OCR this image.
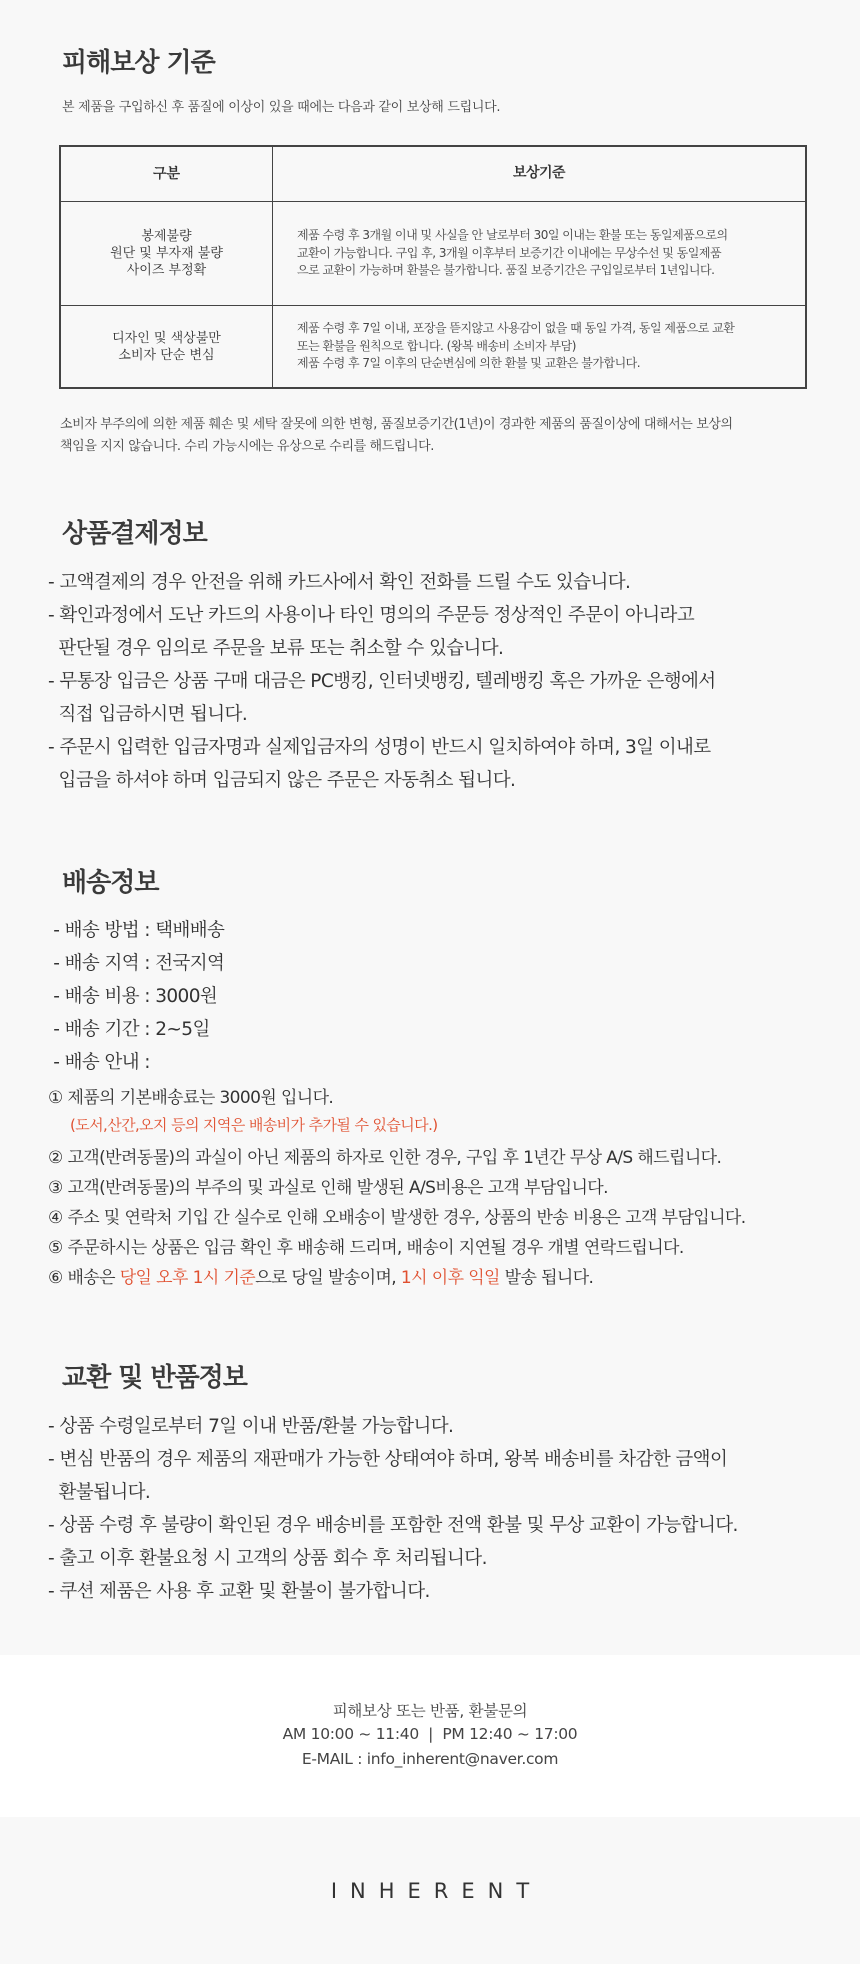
피해보상 기준
본 제품을 구입하신 후 품질에 이상이 있을 때에는 다음과 같이 보상해 드립니다.
구분	보상기준
봉제불량
원단 및 부자재 불량
사이즈 부정확
제품 수령 후 3개월 이내 및 사실을 안 날로부터 30일 이내는 환불 또는 동일제품으로의
교환이 가능합니다. 구입 후, 3개월 이후부터 보증기간 이내에는 무상수선 및 동일제품
으로 교환이 가능하며 환불은 불가합니다. 품질 보증기간은 구입일로부터 1년입니다.
디자인 및 색상불만
소비자 단순 변심
제품 수령 후 7일 이내, 포장을 뜯지않고 사용감이 없을 때 동일 가격, 동일 제품으로 교환
또는 환불을 원칙으로 합니다. (왕복 배송비 소비자 부담)
제품 수령 후 7일 이후의 단순변심에 의한 환불 및 교환은 불가합니다.
소비자 부주의에 의한 제품 훼손 및 세탁 잘못에 의한 변형, 품질보증기간(1년)이 경과한 제품의 품질이상에 대해서는 보상의
책임을 지지 않습니다. 수리 가능시에는 유상으로 수리를 해드립니다.
상품결제정보
- 고액결제의 경우 안전을 위해 카드사에서 확인 전화를 드릴 수도 있습니다.
- 확인과정에서 도난 카드의 사용이나 타인 명의의 주문등 정상적인 주문이 아니라고
판단될 경우 임의로 주문을 보류 또는 취소할 수 있습니다.
- 무통장 입금은 상품 구매 대금은 PC뱅킹, 인터넷뱅킹, 텔레뱅킹 혹은 가까운 은행에서
직접 입금하시면 됩니다.
- 주문시 입력한 입금자명과 실제입금자의 성명이 반드시 일치하여야 하며, 3일 이내로
입금을 하셔야 하며 입금되지 않은 주문은 자동취소 됩니다.
배송정보
- 배송 방법 : 택배배송
- 배송 지역 : 전국지역
- 배송 비용 : 3000원
- 배송 기간 : 2~5일
- 배송 안내 :
① 제품의 기본배송료는 3000원 입니다.
(도서,산간,오지 등의 지역은 배송비가 추가될 수 있습니다.)
② 고객(반려동물)의 과실이 아닌 제품의 하자로 인한 경우, 구입 후 1년간 무상 A/S 해드립니다.
③ 고객(반려동물)의 부주의 및 과실로 인해 발생된 A/S비용은 고객 부담입니다.
④ 주소 및 연락처 기입 간 실수로 인해 오배송이 발생한 경우, 상품의 반송 비용은 고객 부담입니다.
⑤ 주문하시는 상품은 입금 확인 후 배송해 드리며, 배송이 지연될 경우 개별 연락드립니다.
⑥ 배송은 당일 오후 1시 기준으로 당일 발송이며, 1시 이후 익일 발송 됩니다.
교환 및 반품정보
- 상품 수령일로부터 7일 이내 반품/환불 가능합니다.
- 변심 반품의 경우 제품의 재판매가 가능한 상태여야 하며, 왕복 배송비를 차감한 금액이
환불됩니다.
- 상품 수령 후 불량이 확인된 경우 배송비를 포함한 전액 환불 및 무상 교환이 가능합니다.
- 출고 이후 환불요청 시 고객의 상품 회수 후 처리됩니다.
- 쿠션 제품은 사용 후 교환 및 환불이 불가합니다.
피해보상 또는 반품, 환불문의
AM 10:00 ~ 11:40  |  PM 12:40 ~ 17:00
E-MAIL : info_inherent@naver.com
INHERENT
